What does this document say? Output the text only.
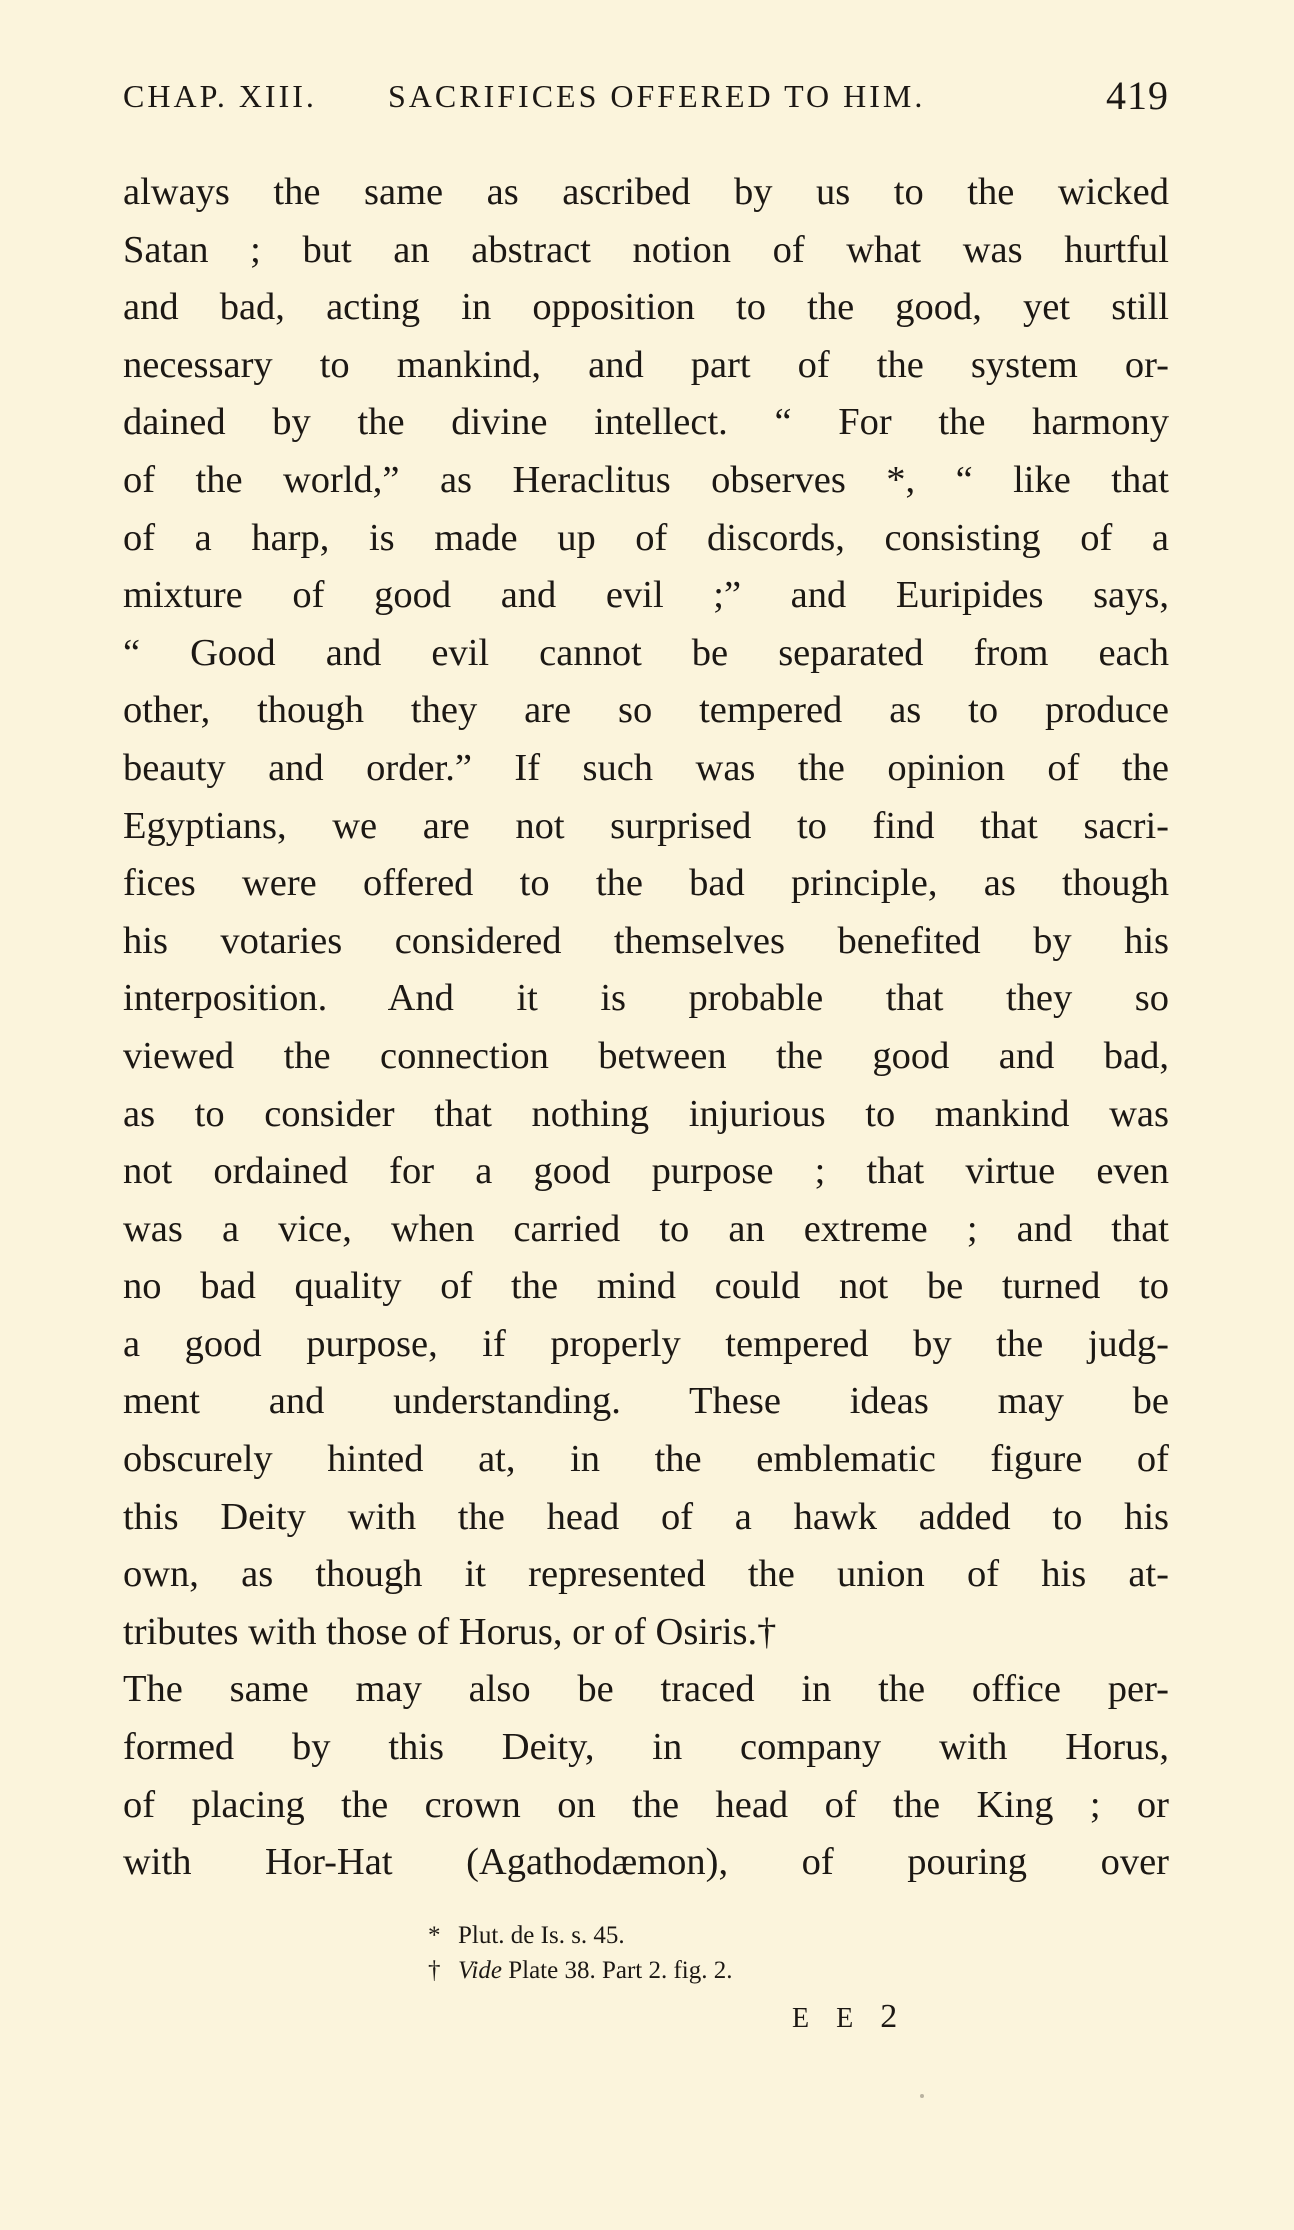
CHAP. XIII. SACRIFICES OFFERED TO HIM.	419
always the same as ascribed by us to the wicked
Satan ; but an abstract notion of what was hurtful
and bad, acting in opposition to the good, yet still
necessary to mankind, and part of the system or-
dained by the divine intellect. “ For the harmony
of the world,” as Heraclitus observes *, “ like that
of a harp, is made up of discords, consisting of a
mixture of good and evil ;” and Euripides says,
“ Good and evil cannot be separated from each
other, though they are so tempered as to produce
beauty and order.” If such was the opinion of the
Egyptians, we are not surprised to find that sacri-
fices were offered to the bad principle, as though
his votaries considered themselves benefited by his
interposition. And it is probable that they so
viewed the connection between the good and bad,
as to consider that nothing injurious to mankind was
not ordained for a good purpose ; that virtue even
was a vice, when carried to an extreme ; and that
no bad quality of the mind could not be turned to
a good purpose, if properly tempered by the judg-
ment and understanding. These ideas may be
obscurely hinted at, in the emblematic figure of
this Deity with the head of a hawk added to his
own, as though it represented the union of his at-
tributes with those of Horus, or of Osiris.†
The same may also be traced in the office per-
formed by this Deity, in company with Horus,
of placing the crown on the head of the King ; or
with Hor-Hat (Agathodæmon), of pouring over
* Plut. de Is. s. 45.
† Vide Plate 38. Part 2. fig. 2.
E E 2
